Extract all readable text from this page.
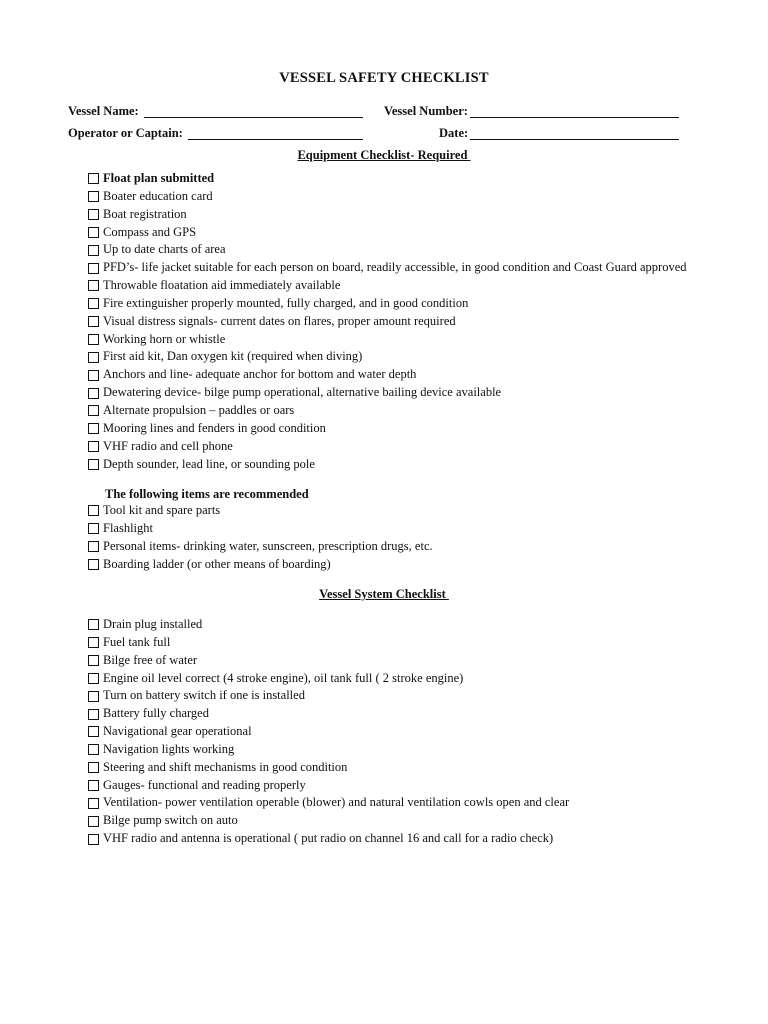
VESSEL SAFETY CHECKLIST
Vessel Name:	Vessel Number:
Operator or Captain:	Date:
Equipment Checklist- Required
Float plan submitted
Boater education card
Boat registration
Compass and GPS
Up to date charts of area
PFD’s- life jacket suitable for each person on board, readily accessible, in good condition and Coast Guard approved
Throwable floatation aid immediately available
Fire extinguisher properly mounted, fully charged, and in good condition
Visual distress signals- current dates on flares, proper amount required
Working horn or whistle
First aid kit, Dan oxygen kit (required when diving)
Anchors and line- adequate anchor for bottom and water depth
Dewatering device- bilge pump operational, alternative bailing device available
Alternate propulsion – paddles or oars
Mooring lines and fenders in good condition
VHF radio and cell phone
Depth sounder, lead line, or sounding pole
The following items are recommended
Tool kit and spare parts
Flashlight
Personal items- drinking water, sunscreen, prescription drugs, etc.
Boarding ladder (or other means of boarding)
Vessel System Checklist
Drain plug installed
Fuel tank full
Bilge free of water
Engine oil level correct (4 stroke engine), oil tank full ( 2 stroke engine)
Turn on battery switch if one is installed
Battery fully charged
Navigational gear operational
Navigation lights working
Steering and shift mechanisms in good condition
Gauges- functional and reading properly
Ventilation- power ventilation operable (blower) and natural ventilation cowls open and clear
Bilge pump switch on auto
VHF radio and antenna is operational ( put radio on channel 16 and call for a radio check)
